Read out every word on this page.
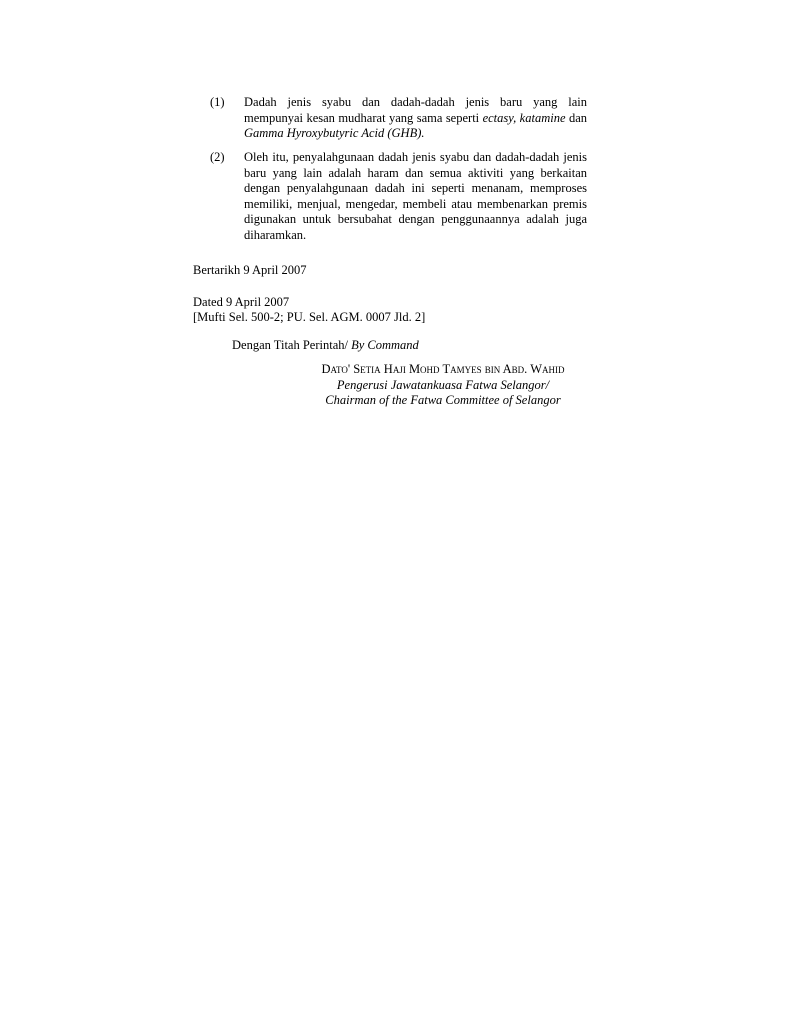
(1) Dadah jenis syabu dan dadah-dadah jenis baru yang lain mempunyai kesan mudharat yang sama seperti ectasy, katamine dan Gamma Hyroxybutyric Acid (GHB).
(2) Oleh itu, penyalahgunaan dadah jenis syabu dan dadah-dadah jenis baru yang lain adalah haram dan semua aktiviti yang berkaitan dengan penyalahgunaan dadah ini seperti menanam, memproses memiliki, menjual, mengedar, membeli atau membenarkan premis digunakan untuk bersubahat dengan penggunaannya adalah juga diharamkan.
Bertarikh 9 April 2007
Dated 9 April 2007
[Mufti Sel. 500-2; PU. Sel. AGM. 0007 Jld. 2]
Dengan Titah Perintah/ By Command
Dato' Setia Haji Mohd Tamyes bin Abd. Wahid
Pengerusi Jawatankuasa Fatwa Selangor/
Chairman of the Fatwa Committee of Selangor
